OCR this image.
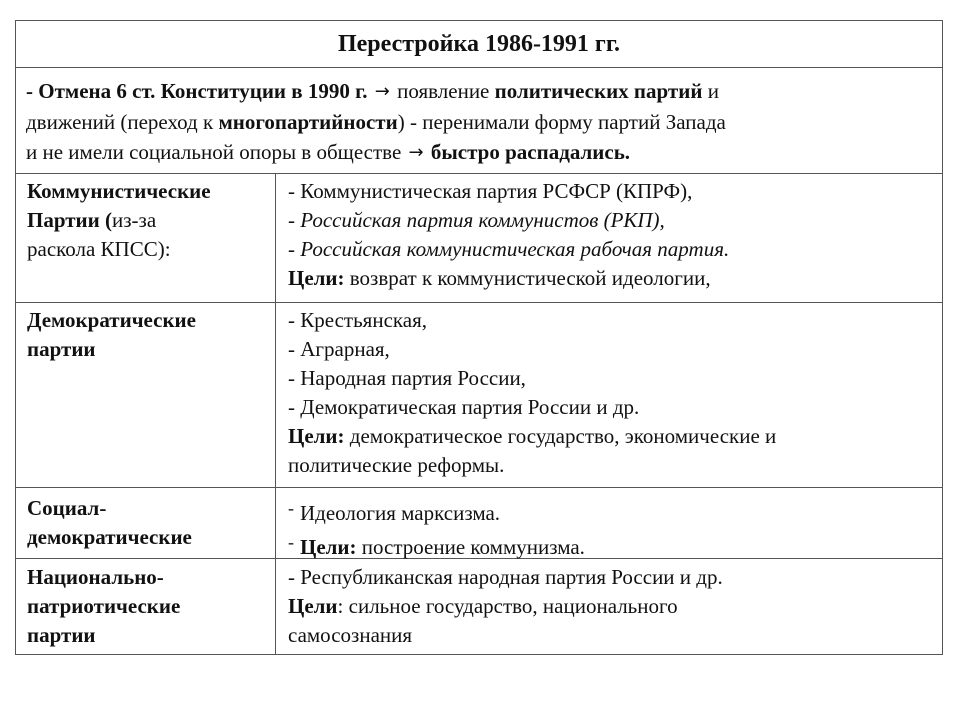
Перестройка 1986-1991 гг.
- Отмена 6 ст. Конституции в 1990 г. → появление политических партий и
движений (переход к многопартийности) - перенимали форму партий Запада
и не имели социальной опоры в обществе → быстро распадались.
Коммунистические
Партии (из-за
раскола КПСС):
- Коммунистическая партия РСФСР (КПРФ),
- Российская партия коммунистов (РКП),
- Российская коммунистическая рабочая партия.
Цели: возврат к коммунистической идеологии,
Демократические
партии
- Крестьянская,
- Аграрная,
- Народная партия России,
- Демократическая партия России и др.
Цели: демократическое государство, экономические и
политические реформы.
Социал-
демократические
- Идеология марксизма.
- Цели: построение коммунизма.
Национально-
патриотические
партии
- Республиканская народная партия России и др.
Цели: сильное государство, национального
самосознания
